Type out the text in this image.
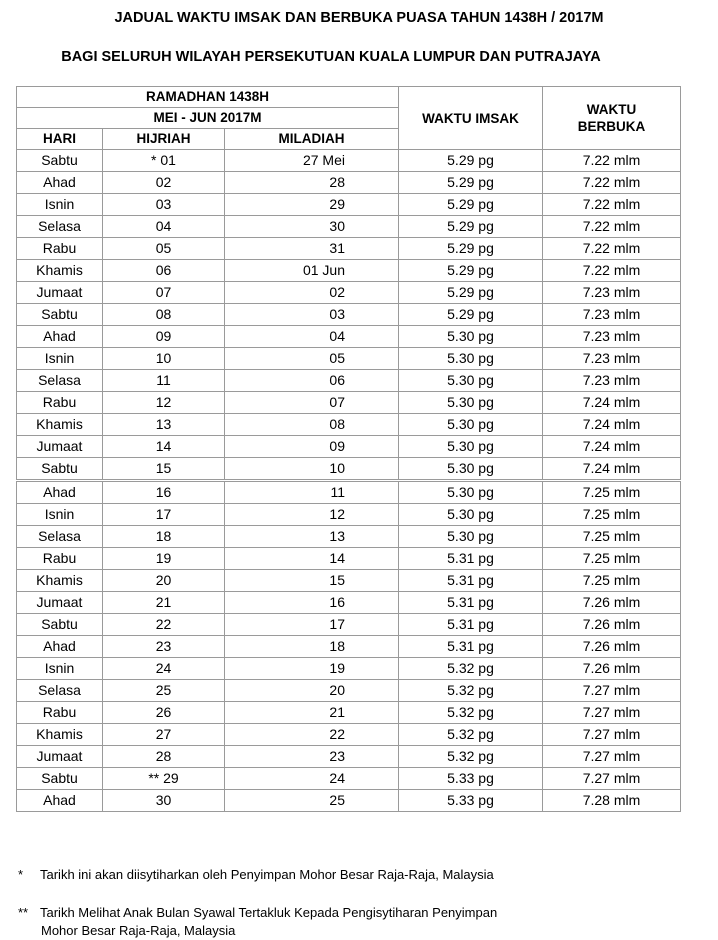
JADUAL WAKTU IMSAK DAN BERBUKA PUASA TAHUN 1438H / 2017M
BAGI SELURUH WILAYAH PERSEKUTUAN KUALA LUMPUR DAN PUTRAJAYA
RAMADHAN 1438H			WAKTU IMSAK	WAKTU
BERBUKA
MEI - JUN 2017M				
HARI	HIJRIAH	MILADIAH		
Sabtu	* 01	27 Mei	5.29 pg	7.22 mlm
Ahad	02	28	5.29 pg	7.22 mlm
Isnin	03	29	5.29 pg	7.22 mlm
Selasa	04	30	5.29 pg	7.22 mlm
Rabu	05	31	5.29 pg	7.22 mlm
Khamis	06	01 Jun	5.29 pg	7.22 mlm
Jumaat	07	02	5.29 pg	7.23 mlm
Sabtu	08	03	5.29 pg	7.23 mlm
Ahad	09	04	5.30 pg	7.23 mlm
Isnin	10	05	5.30 pg	7.23 mlm
Selasa	11	06	5.30 pg	7.23 mlm
Rabu	12	07	5.30 pg	7.24 mlm
Khamis	13	08	5.30 pg	7.24 mlm
Jumaat	14	09	5.30 pg	7.24 mlm
Sabtu	15	10	5.30 pg	7.24 mlm
Ahad	16	11	5.30 pg	7.25 mlm
Isnin	17	12	5.30 pg	7.25 mlm
Selasa	18	13	5.30 pg	7.25 mlm
Rabu	19	14	5.31 pg	7.25 mlm
Khamis	20	15	5.31 pg	7.25 mlm
Jumaat	21	16	5.31 pg	7.26 mlm
Sabtu	22	17	5.31 pg	7.26 mlm
Ahad	23	18	5.31 pg	7.26 mlm
Isnin	24	19	5.32 pg	7.26 mlm
Selasa	25	20	5.32 pg	7.27 mlm
Rabu	26	21	5.32 pg	7.27 mlm
Khamis	27	22	5.32 pg	7.27 mlm
Jumaat	28	23	5.32 pg	7.27 mlm
Sabtu	** 29	24	5.33 pg	7.27 mlm
Ahad	30	25	5.33 pg	7.28 mlm
* Tarikh ini akan diisytiharkan oleh Penyimpan Mohor Besar Raja-Raja, Malaysia
** Tarikh Melihat Anak Bulan Syawal Tertakluk Kepada Pengisytiharan Penyimpan
Mohor Besar Raja-Raja, Malaysia
